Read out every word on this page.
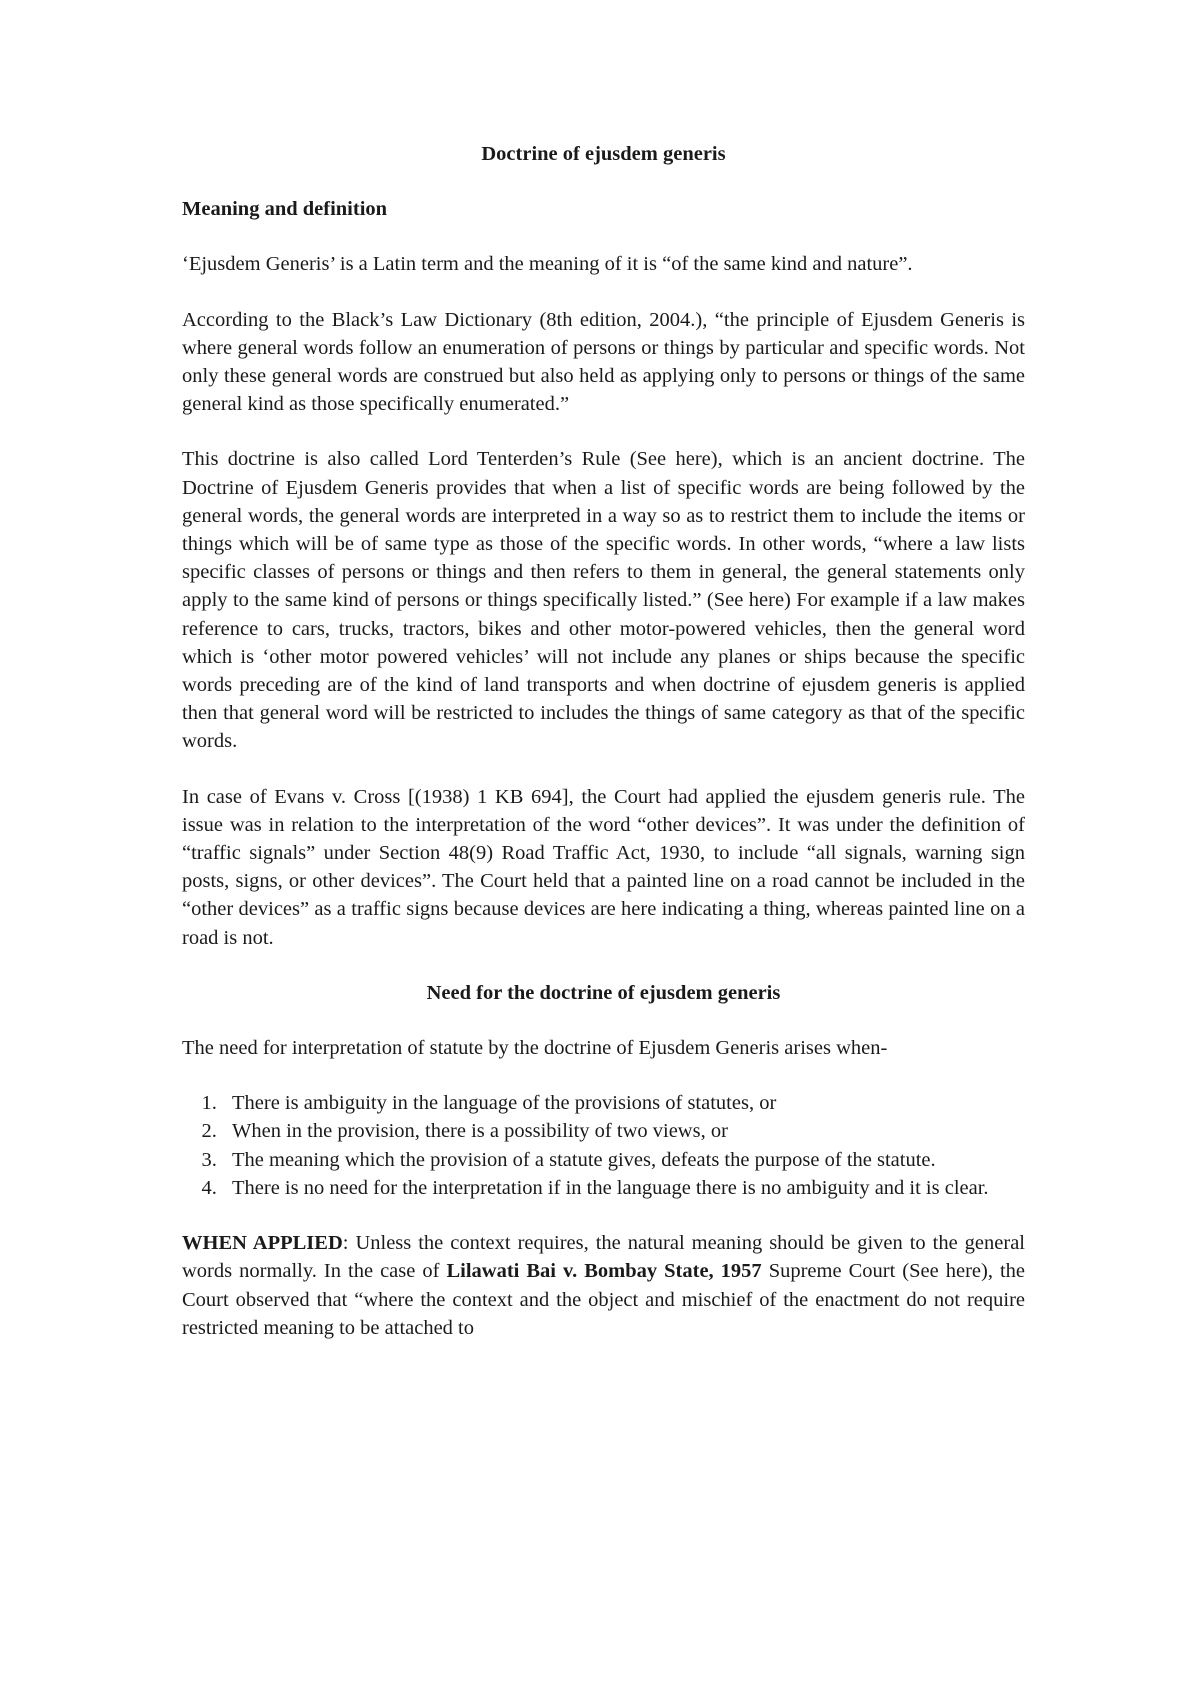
Doctrine of ejusdem generis
Meaning and definition

‘Ejusdem Generis’ is a Latin term and the meaning of it is “of the same kind and nature”.

According to the Black’s Law Dictionary (8th edition, 2004.), “the principle of Ejusdem Generis is where general words follow an enumeration of persons or things by particular and specific words. Not only these general words are construed but also held as applying only to persons or things of the same general kind as those specifically enumerated.”

This doctrine is also called Lord Tenterden’s Rule (See here), which is an ancient doctrine. The Doctrine of Ejusdem Generis provides that when a list of specific words are being followed by the general words, the general words are interpreted in a way so as to restrict them to include the items or things which will be of same type as those of the specific words. In other words, “where a law lists specific classes of persons or things and then refers to them in general, the general statements only apply to the same kind of persons or things specifically listed.” (See here) For example if a law makes reference to cars, trucks, tractors, bikes and other motor-powered vehicles, then the general word which is ‘other motor powered vehicles’ will not include any planes or ships because the specific words preceding are of the kind of land transports and when doctrine of ejusdem generis is applied then that general word will be restricted to includes the things of same category as that of the specific words.

In case of Evans v. Cross [(1938) 1 KB 694], the Court had applied the ejusdem generis rule. The issue was in relation to the interpretation of the word “other devices”. It was under the definition of “traffic signals” under Section 48(9) Road Traffic Act, 1930, to include “all signals, warning sign posts, signs, or other devices”. The Court held that a painted line on a road cannot be included in the “other devices” as a traffic signs because devices are here indicating a thing, whereas painted line on a road is not.

Need for the doctrine of ejusdem generis

The need for interpretation of statute by the doctrine of Ejusdem Generis arises when-

1. There is ambiguity in the language of the provisions of statutes, or
2. When in the provision, there is a possibility of two views, or
3. The meaning which the provision of a statute gives, defeats the purpose of the statute.
4. There is no need for the interpretation if in the language there is no ambiguity and it is clear.

WHEN APPLIED: Unless the context requires, the natural meaning should be given to the general words normally. In the case of Lilawati Bai v. Bombay State, 1957 Supreme Court (See here), the Court observed that “where the context and the object and mischief of the enactment do not require restricted meaning to be attached to
